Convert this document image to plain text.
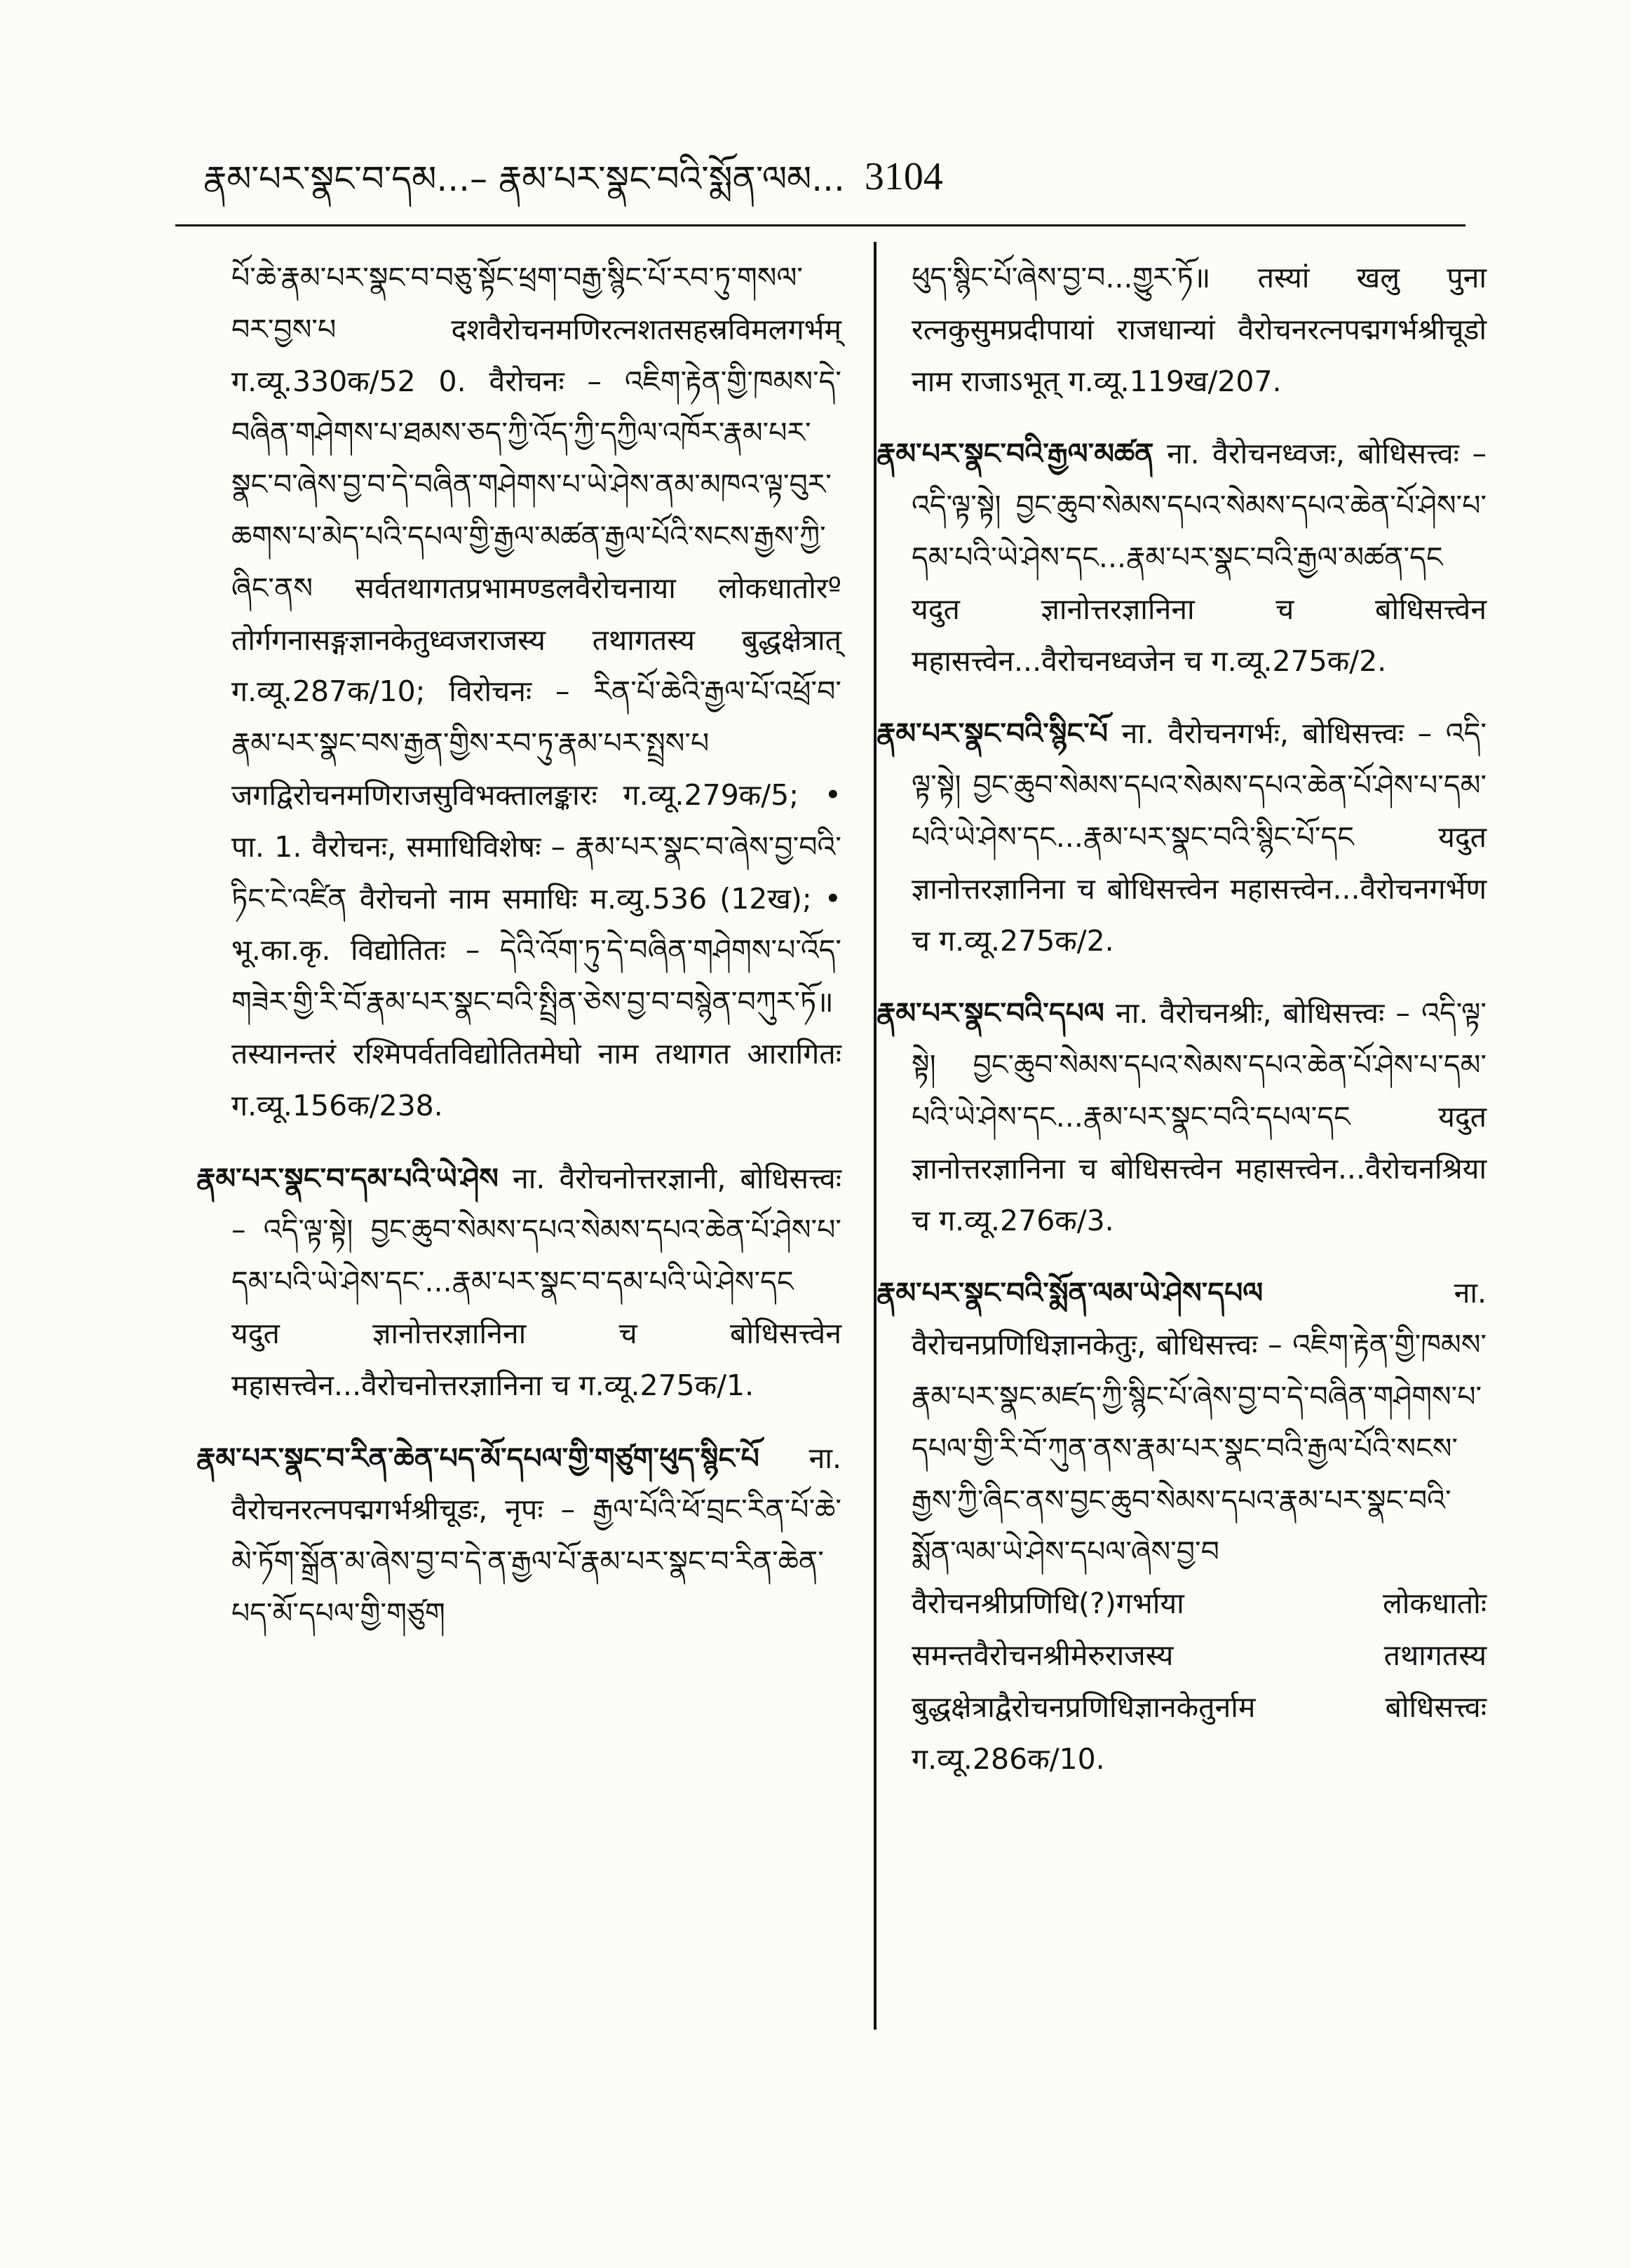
རྣམ་པར་སྣང་བ་དམ...– རྣམ་པར་སྣང་བའི་སྨོན་ལམ... 3104
པོ་ཆེ་རྣམ་པར་སྣང་བ་བཅུ་སྟོང་ཕྲག་བརྒྱ་སྙིང་པོ་རབ་ཏུ་གསལ་བར་བྱས་པ दशवैरोचनमणिरत्नशतसहस्रविमलगर्भम् ग.व्यू.330क/52 0. वैरोचनः – འཇིག་རྟེན་གྱི་ཁམས་དེ་བཞིན་གཤེགས་པ་ཐམས་ཅད་ཀྱི་འོད་ཀྱི་དཀྱིལ་འཁོར་རྣམ་པར་སྣང་བ་ཞེས་བྱ་བ་དེ་བཞིན་གཤེགས་པ་ཡེ་ཤེས་ནམ་མཁའ་ལྟ་བུར་ཆགས་པ་མེད་པའི་དཔལ་གྱི་རྒྱལ་མཚན་རྒྱལ་པོའི་སངས་རྒྱས་ཀྱི་ཞིང་ནས सर्वतथागतप्रभामण्डलवैरोचनाया लोकधातोरº तोर्गगनासङ्गज्ञानकेतुध्वजराजस्य तथागतस्य बुद्धक्षेत्रात् ग.व्यू.287क/10; विरोचनः – རིན་པོ་ཆེའི་རྒྱལ་པོ་འཕྲོ་བ་རྣམ་པར་སྣང་བས་རྒྱན་གྱིས་རབ་ཏུ་རྣམ་པར་སྤྲས་པ जगद्विरोचनमणिराजसुविभक्तालङ्कारः ग.व्यू.279क/5; • पा. 1. वैरोचनः, समाधिविशेषः – རྣམ་པར་སྣང་བ་ཞེས་བྱ་བའི་ཏིང་ངེ་འཛིན वैरोचनो नाम समाधिः म.व्यु.536 (12ख); • भू.का.कृ. विद्योतितः – དེའི་འོག་ཏུ་དེ་བཞིན་གཤེགས་པ་འོད་གཟེར་གྱི་རི་བོ་རྣམ་པར་སྣང་བའི་སྤྲིན་ཅེས་བྱ་བ་བསྙེན་བཀུར་ཏོ॥ तस्यानन्तरं रश्मिपर्वतविद्योतितमेघो नाम तथागत आरागितः ग.व्यू.156क/238.
རྣམ་པར་སྣང་བ་དམ་པའི་ཡེ་ཤེས ना. वैरोचनोत्तरज्ञानी, बोधिसत्त्वः – འདི་ལྟ་སྟེ། བྱང་ཆུབ་སེམས་དཔའ་སེམས་དཔའ་ཆེན་པོ་ཤེས་པ་དམ་པའི་ཡེ་ཤེས་དང་...རྣམ་པར་སྣང་བ་དམ་པའི་ཡེ་ཤེས་དང यदुत ज्ञानोत्तरज्ञानिना च बोधिसत्त्वेन महासत्त्वेन...वैरोचनोत्तरज्ञानिना च ग.व्यू.275क/1.
རྣམ་པར་སྣང་བ་རིན་ཆེན་པད་མོ་དཔལ་གྱི་གཙུག་ཕུད་སྙིང་པོ ना. वैरोचनरत्नपद्मगर्भश्रीचूडः, नृपः – རྒྱལ་པོའི་ཕོ་བྲང་རིན་པོ་ཆེ་མེ་ཏོག་སྒྲོན་མ་ཞེས་བྱ་བ་དེ་ན་རྒྱལ་པོ་རྣམ་པར་སྣང་བ་རིན་ཆེན་པད་མོ་དཔལ་གྱི་གཙུག
ཕུད་སྙིང་པོ་ཞེས་བྱ་བ...གྱུར་ཏོ॥ तस्यां खलु पुना रत्नकुसुमप्रदीपायां राजधान्यां वैरोचनरत्नपद्मगर्भश्रीचूडो नाम राजाऽभूत् ग.व्यू.119ख/207.
རྣམ་པར་སྣང་བའི་རྒྱལ་མཚན ना. वैरोचनध्वजः, बोधिसत्त्वः – འདི་ལྟ་སྟེ། བྱང་ཆུབ་སེམས་དཔའ་སེམས་དཔའ་ཆེན་པོ་ཤེས་པ་དམ་པའི་ཡེ་ཤེས་དང...རྣམ་པར་སྣང་བའི་རྒྱལ་མཚན་དང यदुत ज्ञानोत्तरज्ञानिना च बोधिसत्त्वेन महासत्त्वेन...वैरोचनध्वजेन च ग.व्यू.275क/2.
རྣམ་པར་སྣང་བའི་སྙིང་པོ ना. वैरोचनगर्भः, बोधिसत्त्वः – འདི་ལྟ་སྟེ། བྱང་ཆུབ་སེམས་དཔའ་སེམས་དཔའ་ཆེན་པོ་ཤེས་པ་དམ་པའི་ཡེ་ཤེས་དང...རྣམ་པར་སྣང་བའི་སྙིང་པོ་དང यदुत ज्ञानोत्तरज्ञानिना च बोधिसत्त्वेन महासत्त्वेन...वैरोचनगर्भेण च ग.व्यू.275क/2.
རྣམ་པར་སྣང་བའི་དཔལ ना. वैरोचनश्रीः, बोधिसत्त्वः – འདི་ལྟ་སྟེ། བྱང་ཆུབ་སེམས་དཔའ་སེམས་དཔའ་ཆེན་པོ་ཤེས་པ་དམ་པའི་ཡེ་ཤེས་དང...རྣམ་པར་སྣང་བའི་དཔལ་དང यदुत ज्ञानोत्तरज्ञानिना च बोधिसत्त्वेन महासत्त्वेन...वैरोचनश्रिया च ग.व्यू.276क/3.
རྣམ་པར་སྣང་བའི་སྨོན་ལམ་ཡེ་ཤེས་དཔལ	ना. वैरोचनप्रणिधिज्ञानकेतुः, बोधिसत्त्वः – འཇིག་རྟེན་གྱི་ཁམས་རྣམ་པར་སྣང་མཛད་ཀྱི་སྙིང་པོ་ཞེས་བྱ་བ་དེ་བཞིན་གཤེགས་པ་དཔལ་གྱི་རི་བོ་ཀུན་ནས་རྣམ་པར་སྣང་བའི་རྒྱལ་པོའི་སངས་རྒྱས་ཀྱི་ཞིང་ནས་བྱང་ཆུབ་སེམས་དཔའ་རྣམ་པར་སྣང་བའི་སྨོན་ལམ་ཡེ་ཤེས་དཔལ་ཞེས་བྱ་བ वैरोचनश्रीप्रणिधि(?)गर्भाया लोकधातोः समन्तवैरोचनश्रीमेरुराजस्य तथागतस्य बुद्धक्षेत्राद्वैरोचनप्रणिधिज्ञानकेतुर्नाम बोधिसत्त्वः ग.व्यू.286क/10.
